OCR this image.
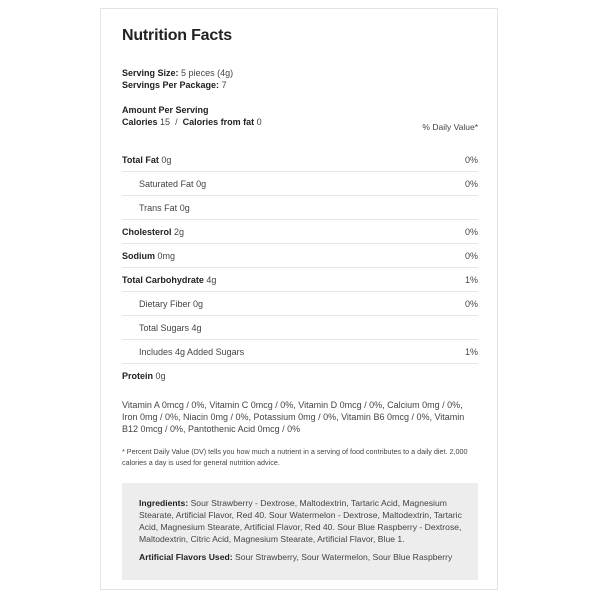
Nutrition Facts
Serving Size: 5 pieces (4g)
Servings Per Package: 7
Amount Per Serving
Calories 15 / Calories from fat 0	% Daily Value*
Total Fat 0g	0%
Saturated Fat 0g	0%
Trans Fat 0g
Cholesterol 2g	0%
Sodium 0mg	0%
Total Carbohydrate 4g	1%
Dietary Fiber 0g	0%
Total Sugars 4g
Includes 4g Added Sugars	1%
Protein 0g
Vitamin A 0mcg / 0%, Vitamin C 0mcg / 0%, Vitamin D 0mcg / 0%, Calcium 0mg / 0%, Iron 0mg / 0%, Niacin 0mg / 0%, Potassium 0mg / 0%, Vitamin B6 0mcg / 0%, Vitamin B12 0mcg / 0%, Pantothenic Acid 0mcg / 0%
* Percent Daily Value (DV) tells you how much a nutrient in a serving of food contributes to a daily diet. 2,000 calories a day is used for general nutrition advice.
Ingredients: Sour Strawberry - Dextrose, Maltodextrin, Tartaric Acid, Magnesium Stearate, Artificial Flavor, Red 40. Sour Watermelon - Dextrose, Maltodextrin, Tartaric Acid, Magnesium Stearate, Artificial Flavor, Red 40. Sour Blue Raspberry - Dextrose, Maltodextrin, Citric Acid, Magnesium Stearate, Artificial Flavor, Blue 1.
Artificial Flavors Used: Sour Strawberry, Sour Watermelon, Sour Blue Raspberry
